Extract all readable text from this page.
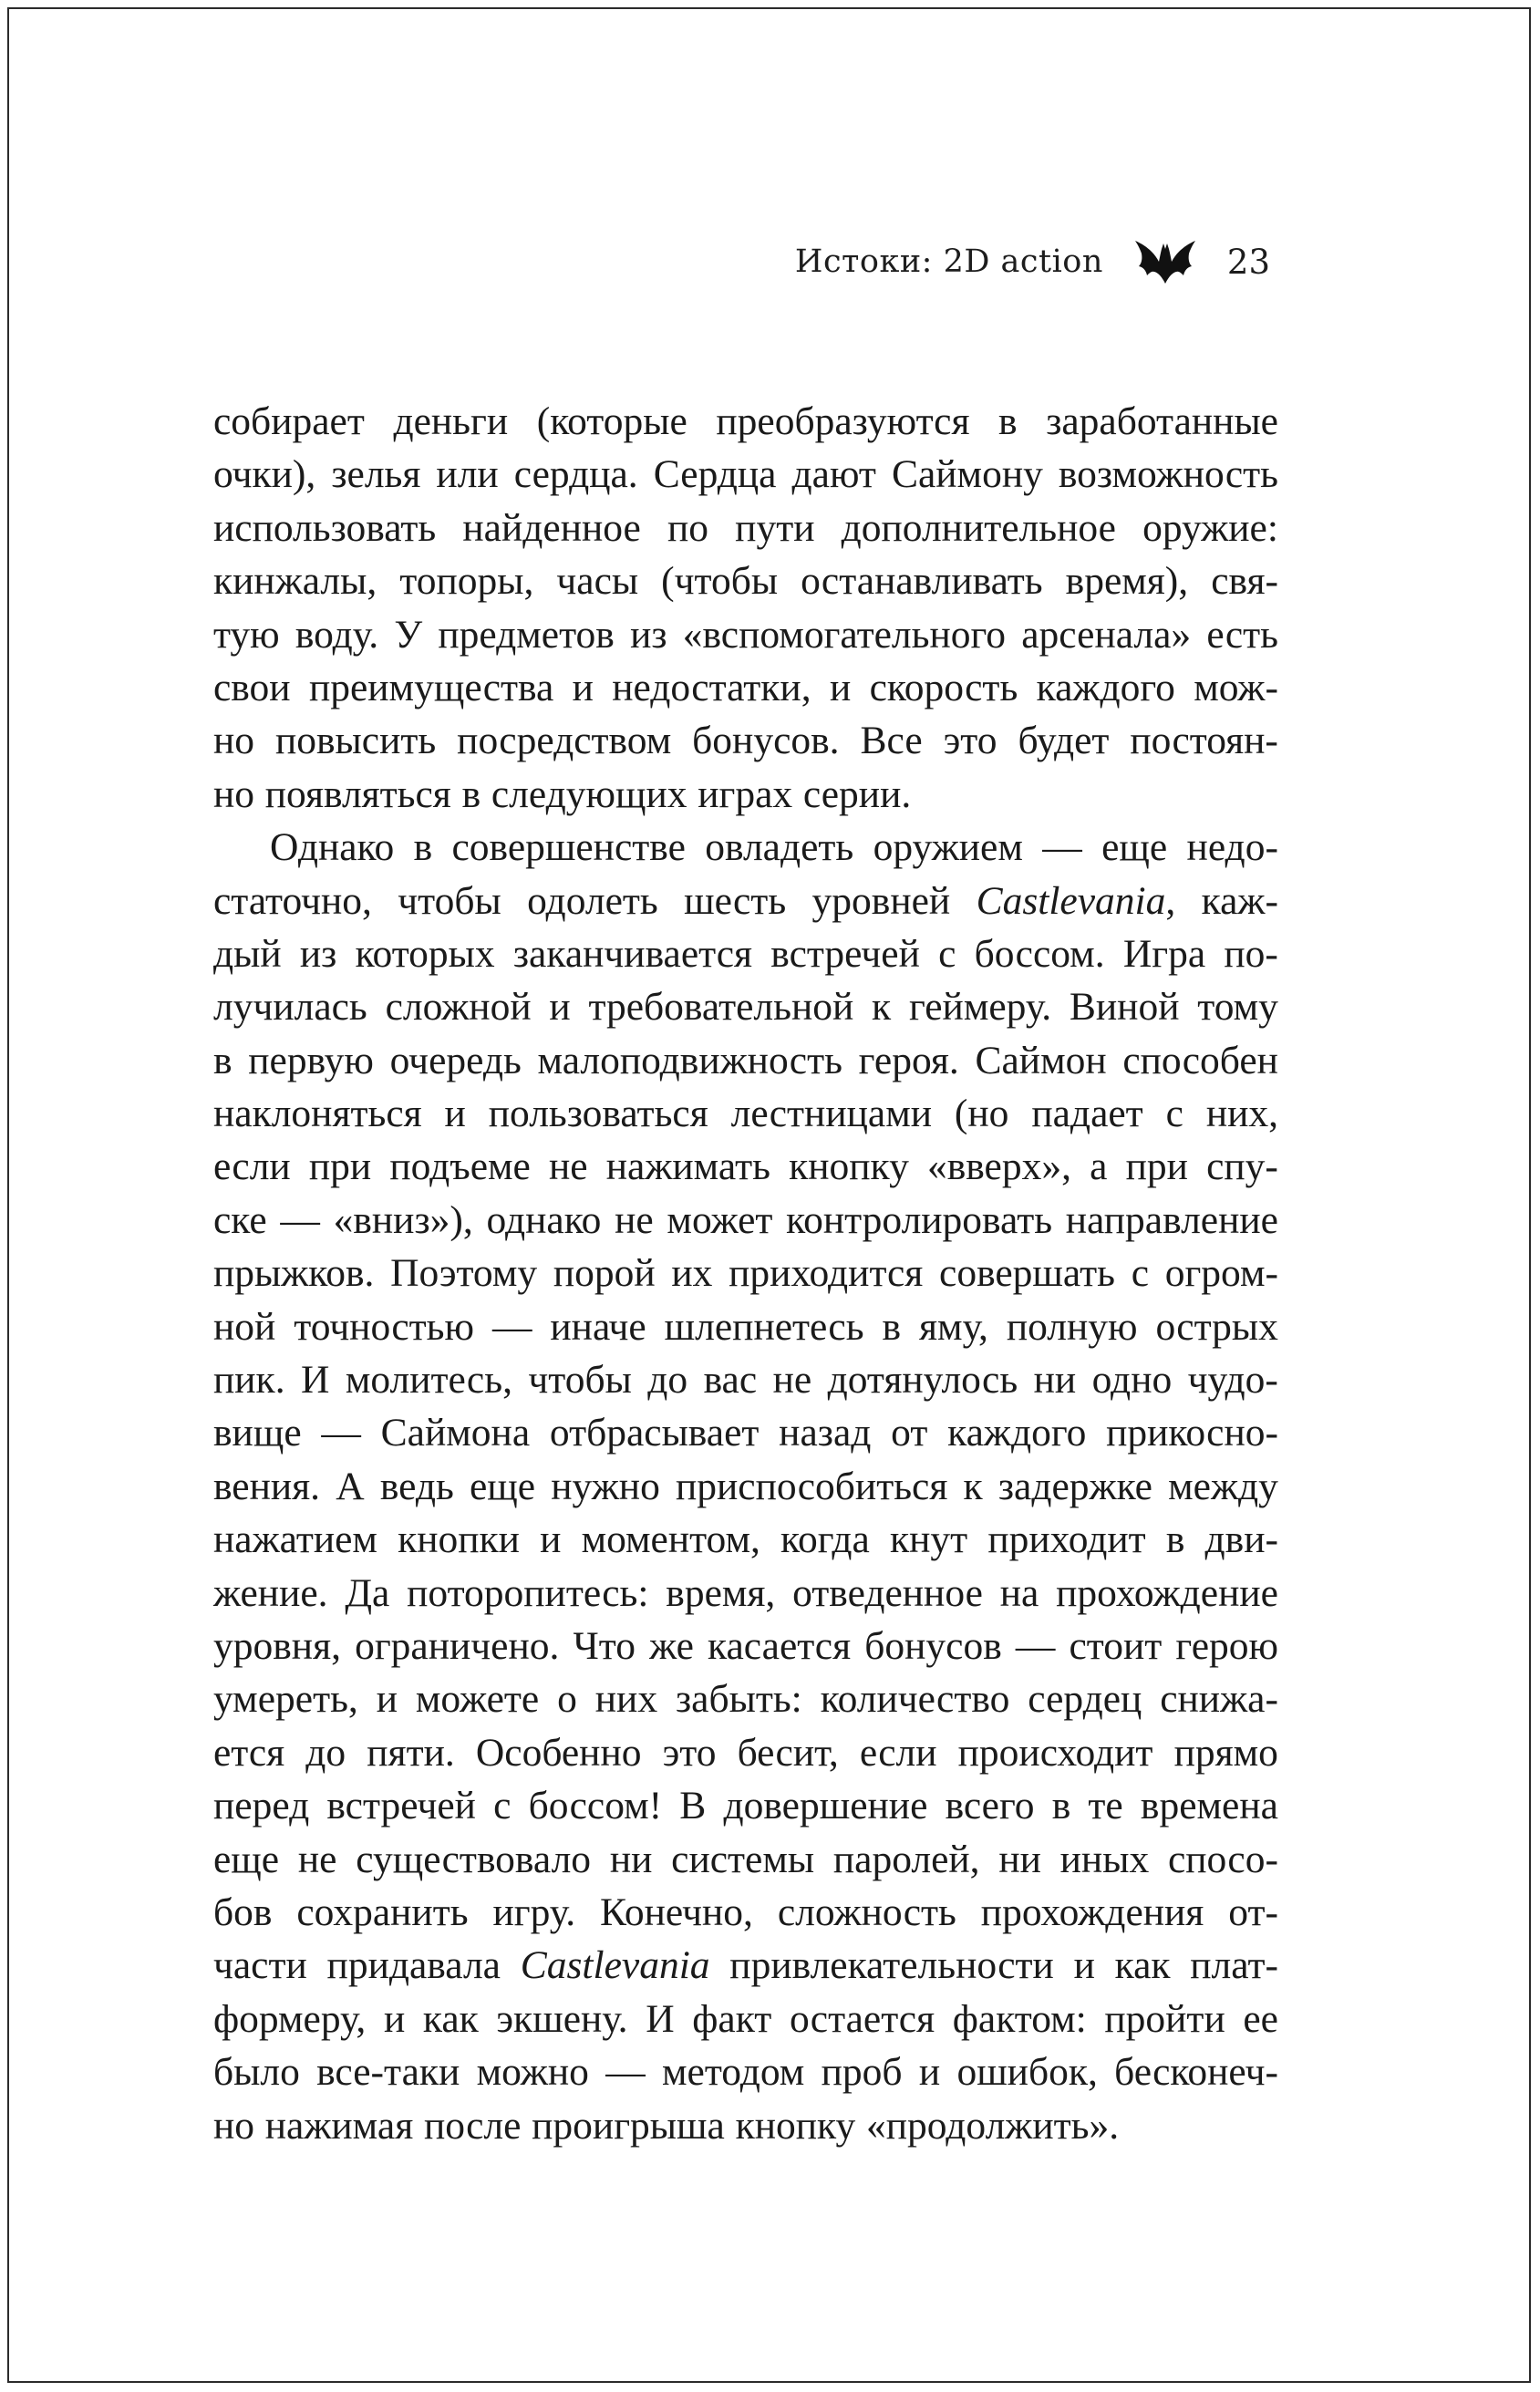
Истоки: 2D action	23
собирает деньги (которые преобразуются в заработанные
очки), зелья или сердца. Сердца дают Саймону возможность
использовать найденное по пути дополнительное оружие:
кинжалы, топоры, часы (чтобы останавливать время), свя-
тую воду. У предметов из «вспомогательного арсенала» есть
свои преимущества и недостатки, и скорость каждого мож-
но повысить посредством бонусов. Все это будет постоян-
но появляться в следующих играх серии.
Однако в совершенстве овладеть оружием — еще недо-
статочно, чтобы одолеть шесть уровней Castlevania, каж-
дый из которых заканчивается встречей с боссом. Игра по-
лучилась сложной и требовательной к геймеру. Виной тому
в первую очередь малоподвижность героя. Саймон способен
наклоняться и пользоваться лестницами (но падает с них,
если при подъеме не нажимать кнопку «вверх», а при спу-
ске — «вниз»), однако не может контролировать направление
прыжков. Поэтому порой их приходится совершать с огром-
ной точностью — иначе шлепнетесь в яму, полную острых
пик. И молитесь, чтобы до вас не дотянулось ни одно чудо-
вище — Саймона отбрасывает назад от каждого прикосно-
вения. А ведь еще нужно приспособиться к задержке между
нажатием кнопки и моментом, когда кнут приходит в дви-
жение. Да поторопитесь: время, отведенное на прохождение
уровня, ограничено. Что же касается бонусов — стоит герою
умереть, и можете о них забыть: количество сердец снижа-
ется до пяти. Особенно это бесит, если происходит прямо
перед встречей с боссом! В довершение всего в те времена
еще не существовало ни системы паролей, ни иных спосо-
бов сохранить игру. Конечно, сложность прохождения от-
части придавала Castlevania привлекательности и как плат-
формеру, и как экшену. И факт остается фактом: пройти ее
было все-таки можно — методом проб и ошибок, бесконеч-
но нажимая после проигрыша кнопку «продолжить».
